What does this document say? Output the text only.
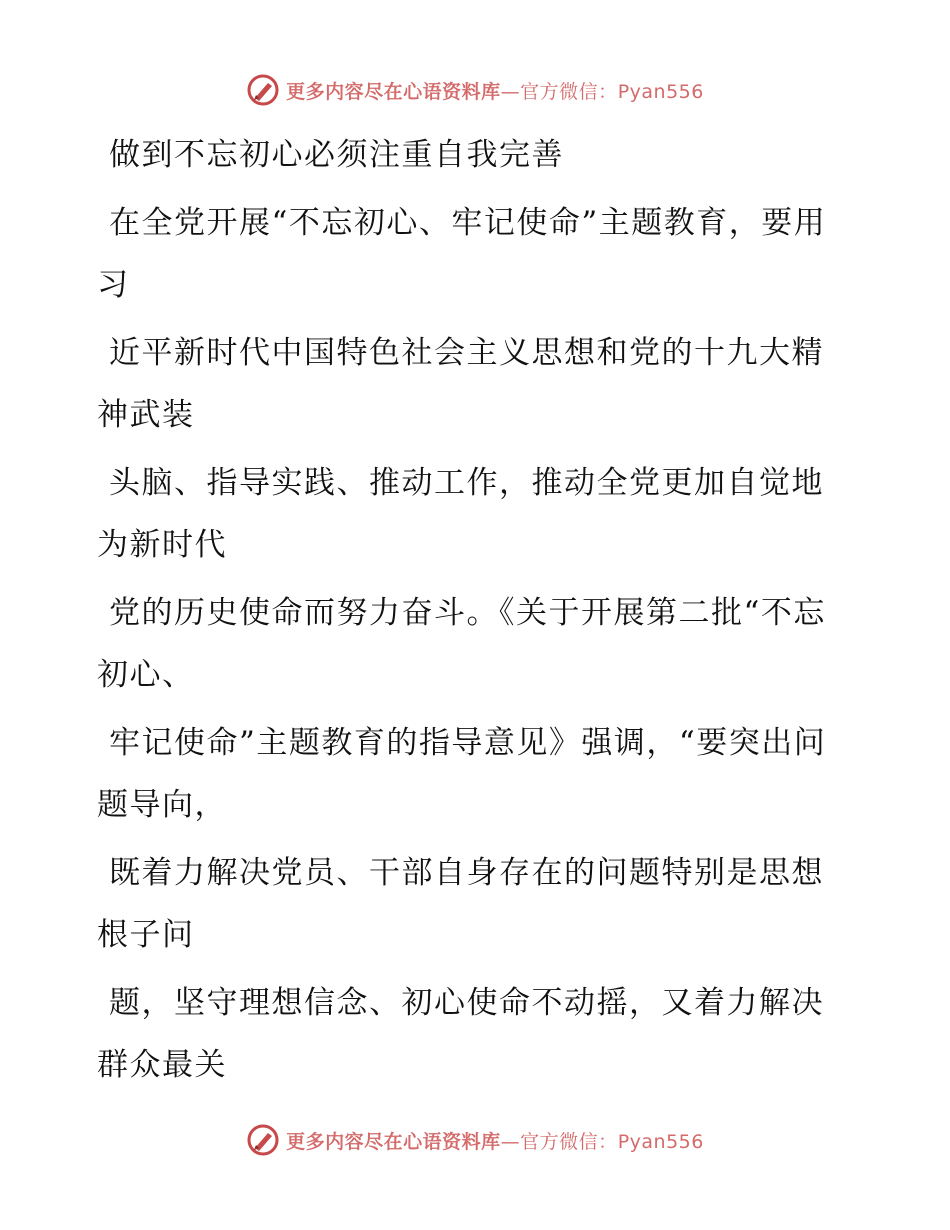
更多内容尽在心语资料库—官方微信：Pyan556

做到不忘初心必须注重自我完善

在全党开展“不忘初心、牢记使命”主题教育，要用习

近平新时代中国特色社会主义思想和党的十九大精神武装

头脑、指导实践、推动工作，推动全党更加自觉地为新时代

党的历史使命而努力奋斗。《关于开展第二批“不忘初心、

牢记使命”主题教育的指导意见》强调，“要突出问题导向，

既着力解决党员、干部自身存在的问题特别是思想根子问

题，坚守理想信念、初心使命不动摇，又着力解决群众最关

更多内容尽在心语资料库—官方微信：Pyan556
